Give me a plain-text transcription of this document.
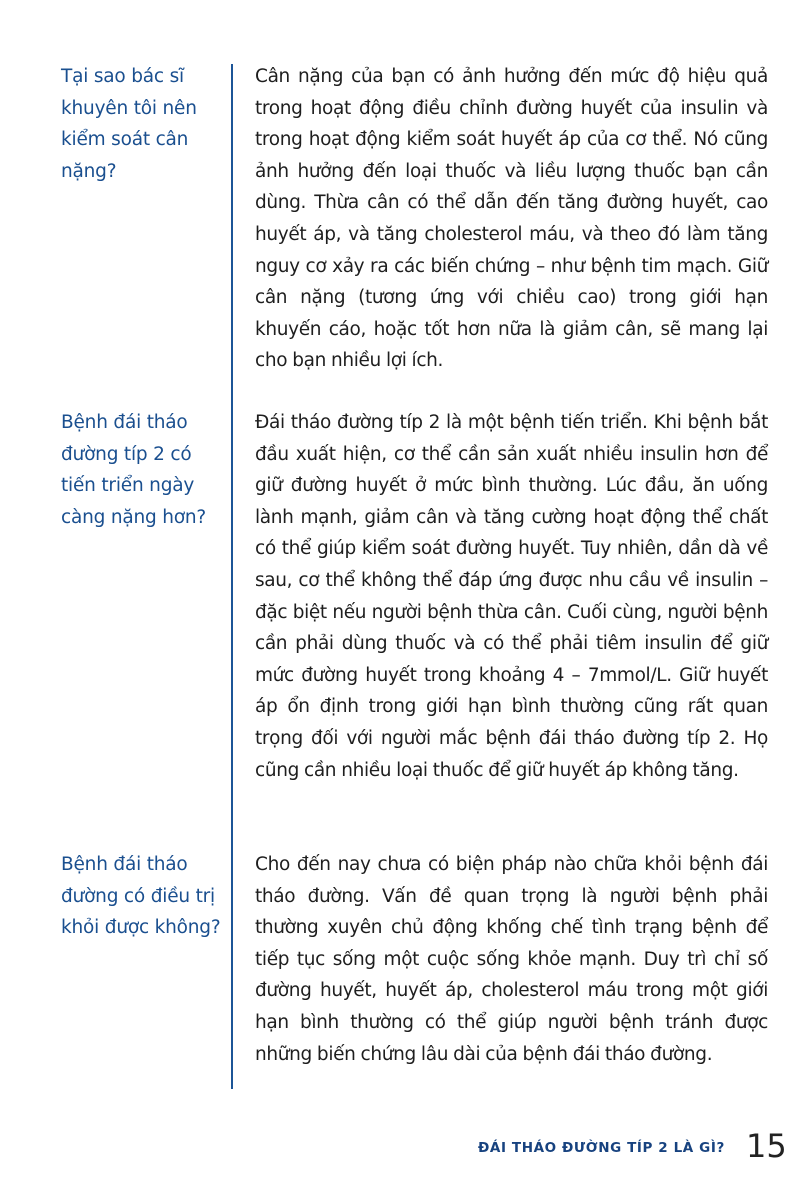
Tại sao bác sĩ khuyên tôi nên kiểm soát cân nặng?
Cân nặng của bạn có ảnh hưởng đến mức độ hiệu quả trong hoạt động điều chỉnh đường huyết của insulin và trong hoạt động kiểm soát huyết áp của cơ thể. Nó cũng ảnh hưởng đến loại thuốc và liều lượng thuốc bạn cần dùng. Thừa cân có thể dẫn đến tăng đường huyết, cao huyết áp, và tăng cholesterol máu, và theo đó làm tăng nguy cơ xảy ra các biến chứng – như bệnh tim mạch. Giữ cân nặng (tương ứng với chiều cao) trong giới hạn khuyến cáo, hoặc tốt hơn nữa là giảm cân, sẽ mang lại cho bạn nhiều lợi ích.
Bệnh đái tháo đường típ 2 có tiến triển ngày càng nặng hơn?
Đái tháo đường típ 2 là một bệnh tiến triển. Khi bệnh bắt đầu xuất hiện, cơ thể cần sản xuất nhiều insulin hơn để giữ đường huyết ở mức bình thường. Lúc đầu, ăn uống lành mạnh, giảm cân và tăng cường hoạt động thể chất có thể giúp kiểm soát đường huyết. Tuy nhiên, dần dà về sau, cơ thể không thể đáp ứng được nhu cầu về insulin – đặc biệt nếu người bệnh thừa cân. Cuối cùng, người bệnh cần phải dùng thuốc và có thể phải tiêm insulin để giữ mức đường huyết trong khoảng 4 – 7mmol/L. Giữ huyết áp ổn định trong giới hạn bình thường cũng rất quan trọng đối với người mắc bệnh đái tháo đường típ 2. Họ cũng cần nhiều loại thuốc để giữ huyết áp không tăng.
Bệnh đái tháo đường có điều trị khỏi được không?
Cho đến nay chưa có biện pháp nào chữa khỏi bệnh đái tháo đường. Vấn đề quan trọng là người bệnh phải thường xuyên chủ động khống chế tình trạng bệnh để tiếp tục sống một cuộc sống khỏe mạnh. Duy trì chỉ số đường huyết, huyết áp, cholesterol máu trong một giới hạn bình thường có thể giúp người bệnh tránh được những biến chứng lâu dài của bệnh đái tháo đường.
ĐÁI THÁO ĐƯỜNG TÍP 2 LÀ GÌ? 15
